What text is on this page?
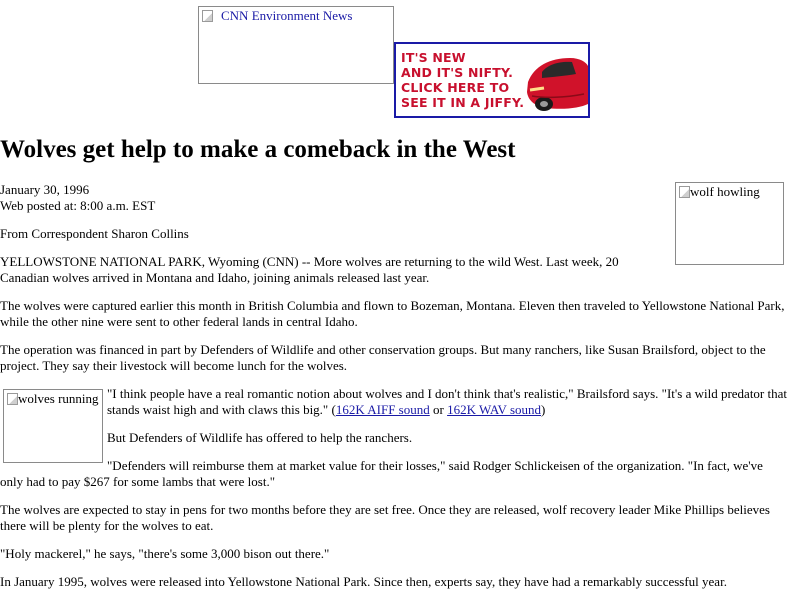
CNN Environment News
IT'S NEW
AND IT'S NIFTY.
CLICK HERE TO
SEE IT IN A JIFFY.
Wolves get help to make a comeback in the West
wolf howling
January 30, 1996
Web posted at: 8:00 a.m. EST
From Correspondent Sharon Collins
YELLOWSTONE NATIONAL PARK, Wyoming (CNN) -- More wolves are returning to the wild West. Last week, 20 Canadian wolves arrived in Montana and Idaho, joining animals released last year.
The wolves were captured earlier this month in British Columbia and flown to Bozeman, Montana. Eleven then traveled to Yellowstone National Park, while the other nine were sent to other federal lands in central Idaho.
The operation was financed in part by Defenders of Wildlife and other conservation groups. But many ranchers, like Susan Brailsford, object to the project. They say their livestock will become lunch for the wolves.
wolves running "I think people have a real romantic notion about wolves and I don't think that's realistic," Brailsford says. "It's a wild predator that stands waist high and with claws this big." (162K AIFF sound or 162K WAV sound)
But Defenders of Wildlife has offered to help the ranchers.
"Defenders will reimburse them at market value for their losses," said Rodger Schlickeisen of the organization. "In fact, we've only had to pay $267 for some lambs that were lost."
The wolves are expected to stay in pens for two months before they are set free. Once they are released, wolf recovery leader Mike Phillips believes there will be plenty for the wolves to eat.
"Holy mackerel," he says, "there's some 3,000 bison out there."
In January 1995, wolves were released into Yellowstone National Park. Since then, experts say, they have had a remarkably successful year.
